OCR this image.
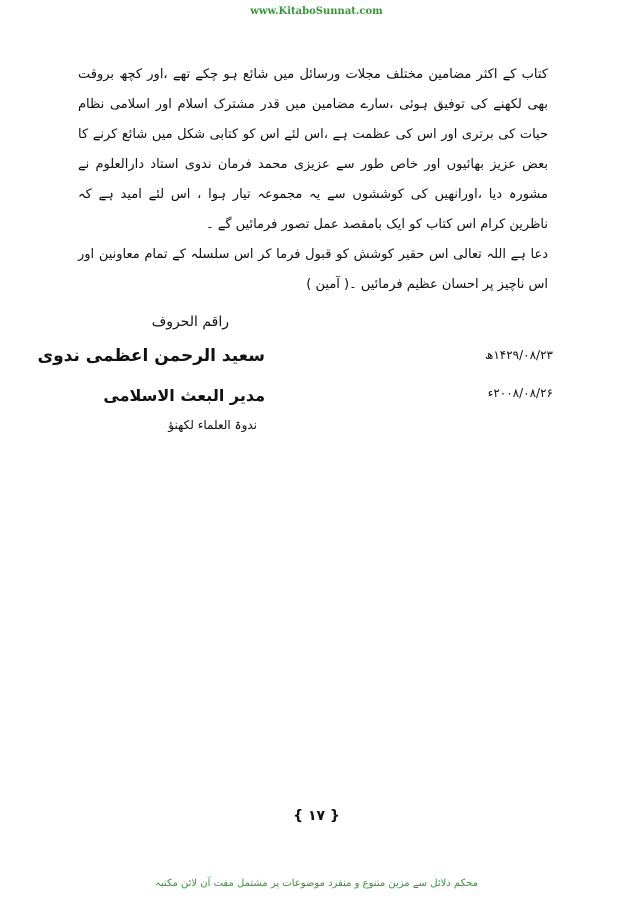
www.KitaboSunnat.com

کتاب کے اکثر مضامین مختلف مجلات ورسائل میں شائع ہو چکے تھے ،اور کچھ بروقت بھی لکھنے کی توفیق ہوئی ،سارے مضامین میں قدر مشترک اسلام اور اسلامی نظام حیات کی برتری اور اس کی عظمت ہے ،اس لئے اس کو کتابی شکل میں شائع کرنے کا بعض عزیز بھائیوں اور خاص طور سے عزیزی محمد فرمان ندوی استاد دارالعلوم نے مشورہ دیا ،اورانھیں کی کوششوں سے یہ مجموعہ تیار ہوا ، اس لئے امید ہے کہ ناظرین کرام اس کتاب کو ایک بامقصد عمل تصور فرمائیں گے ۔

دعا ہے اللہ تعالی اس حقیر کوشش کو قبول فرما کر اس سلسلہ کے تمام معاونین اور اس ناچیز پر احسان عظیم فرمائیں ۔( آمین )

راقم الحروف
سعید الرحمن اعظمی ندوی
مدیر البعث الاسلامی
ندوۃ العلماء لکھنؤ
۱۴۲۹/۰۸/۲۳ھ
۲۰۰۸/۰۸/۲۶ء
{ ۱۷ }
محکم دلائل سے مزین متنوع و منفرد موضوعات پر مشتمل مفت آن لائن مکتبہ
